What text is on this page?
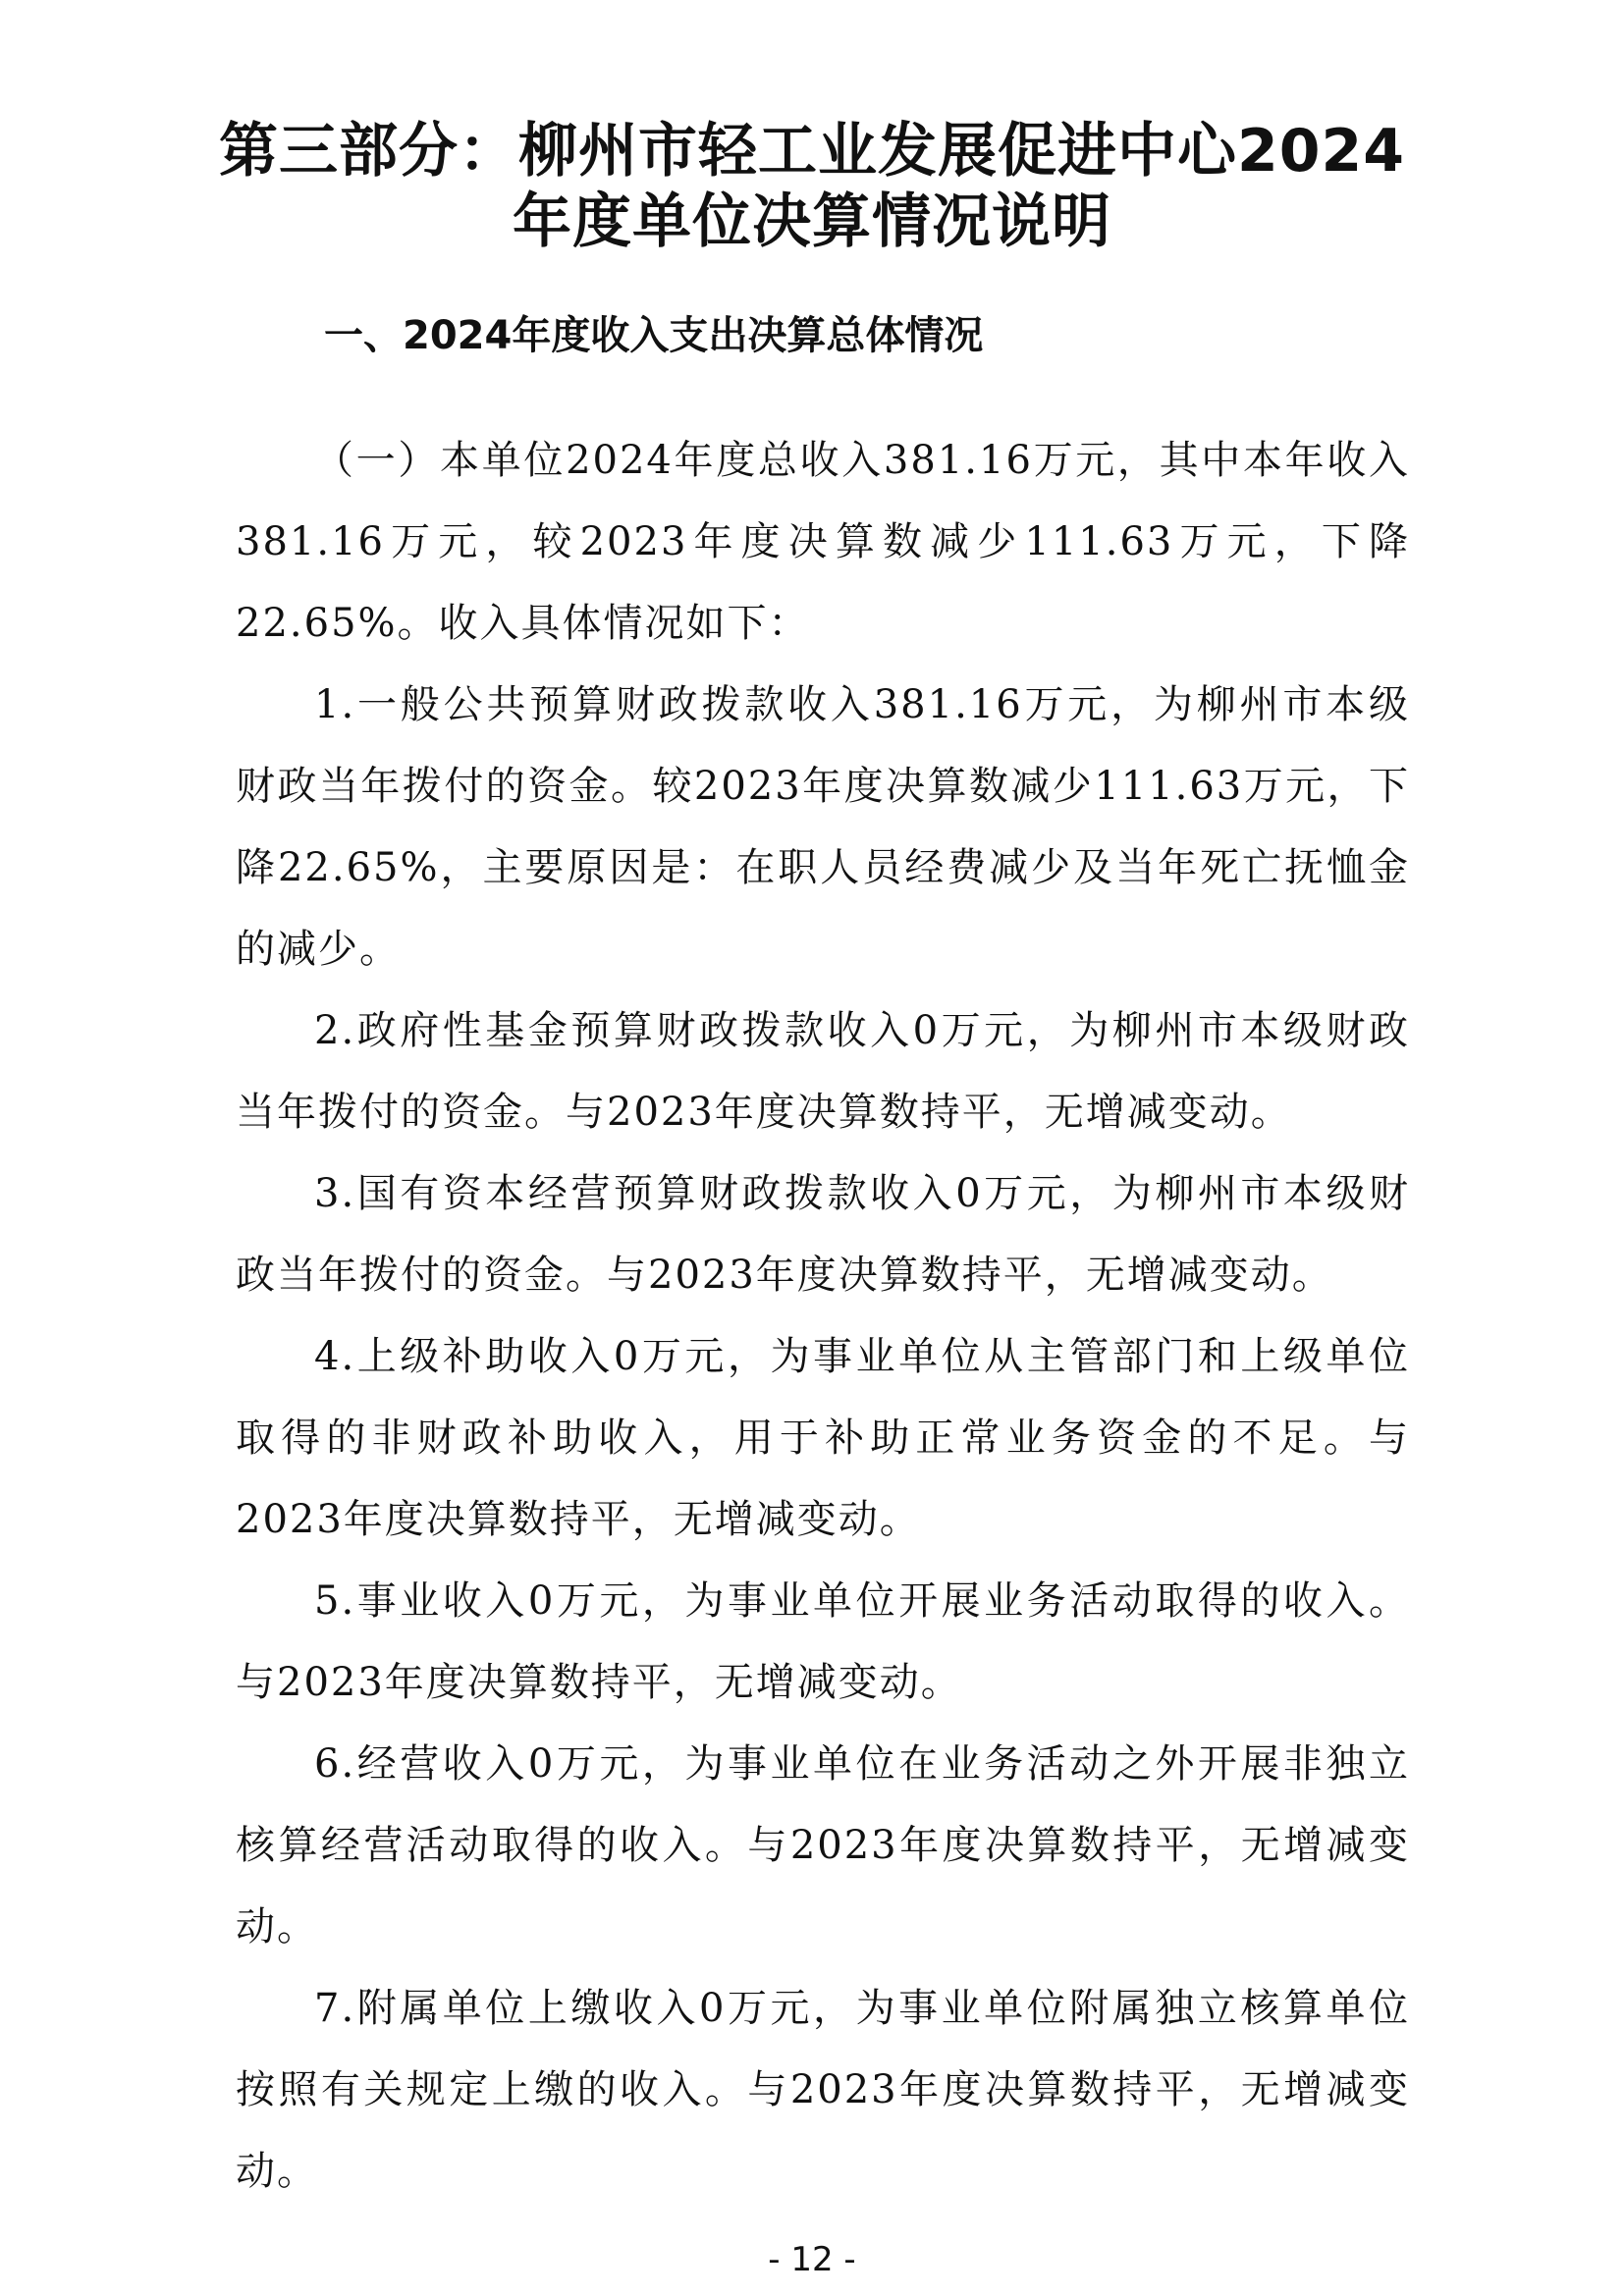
第三部分：柳州市轻工业发展促进中心2024
年度单位决算情况说明
一、2024年度收入支出决算总体情况

（一）本单位2024年度总收入381.16万元，其中本年收入381.16万元，较2023年度决算数减少111.63万元，下降22.65%。收入具体情况如下：

1.一般公共预算财政拨款收入381.16万元，为柳州市本级财政当年拨付的资金。较2023年度决算数减少111.63万元，下降22.65%，主要原因是：在职人员经费减少及当年死亡抚恤金的减少。

2.政府性基金预算财政拨款收入0万元，为柳州市本级财政当年拨付的资金。与2023年度决算数持平，无增减变动。

3.国有资本经营预算财政拨款收入0万元，为柳州市本级财政当年拨付的资金。与2023年度决算数持平，无增减变动。

4.上级补助收入0万元，为事业单位从主管部门和上级单位取得的非财政补助收入，用于补助正常业务资金的不足。与2023年度决算数持平，无增减变动。

5.事业收入0万元，为事业单位开展业务活动取得的收入。与2023年度决算数持平，无增减变动。

6.经营收入0万元，为事业单位在业务活动之外开展非独立核算经营活动取得的收入。与2023年度决算数持平，无增减变动。

7.附属单位上缴收入0万元，为事业单位附属独立核算单位按照有关规定上缴的收入。与2023年度决算数持平，无增减变动。

- 12 -
